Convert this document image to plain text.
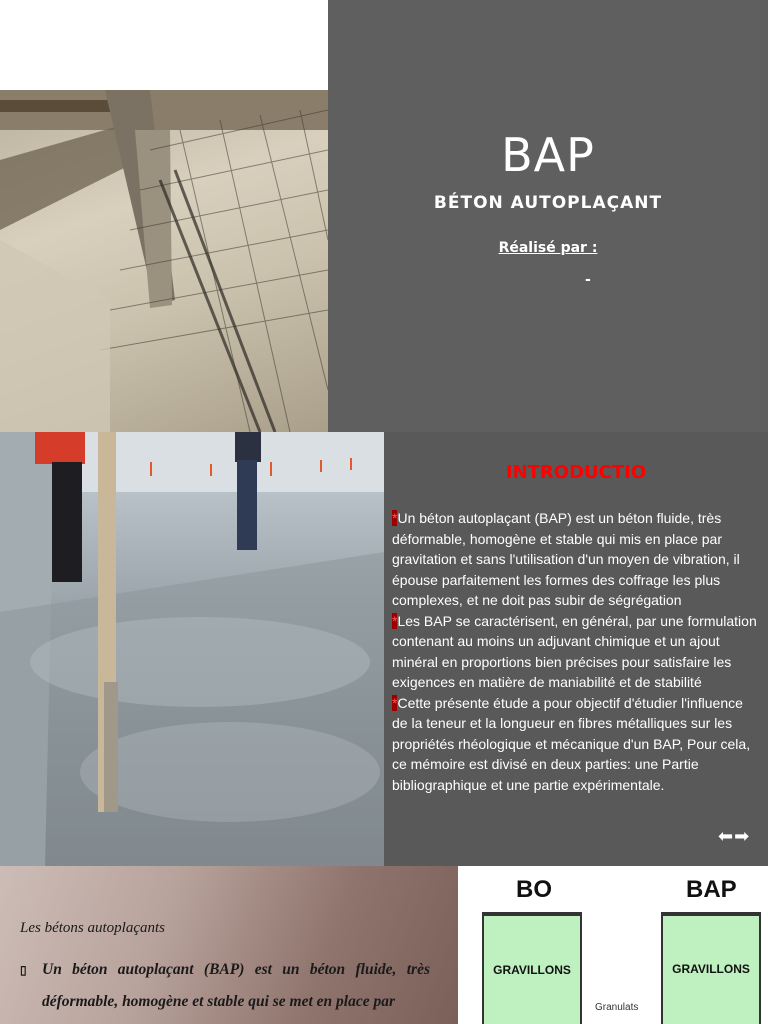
BAP
BÉTON AUTOPLAÇANT
Réalisé par :
-
INTRODUCTIO

*Un béton autoplaçant (BAP) est un béton fluide, très déformable, homogène et stable qui mis en place par gravitation et sans l'utilisation d'un moyen de vibration, il épouse parfaitement les formes des coffrage les plus complexes, et ne doit pas subir de ségrégation

*Les BAP se caractérisent, en général, par une formulation contenant au moins un adjuvant chimique et un ajout minéral en proportions bien précises pour satisfaire les exigences en matière de maniabilité et de stabilité

*Cette présente étude a pour objectif d'étudier l'influence de la teneur et la longueur en fibres métalliques sur les propriétés rhéologique et mécanique d'un BAP, Pour cela, ce mémoire est divisé en deux parties: une Partie bibliographique et une partie expérimentale.

⬅➡
Les bétons autoplaçants
▯ Un béton autoplaçant (BAP) est un béton fluide, très déformable, homogène et stable qui se met en place par
BO	BAP
GRAVILLONS	GRAVILLONS
Granulats
